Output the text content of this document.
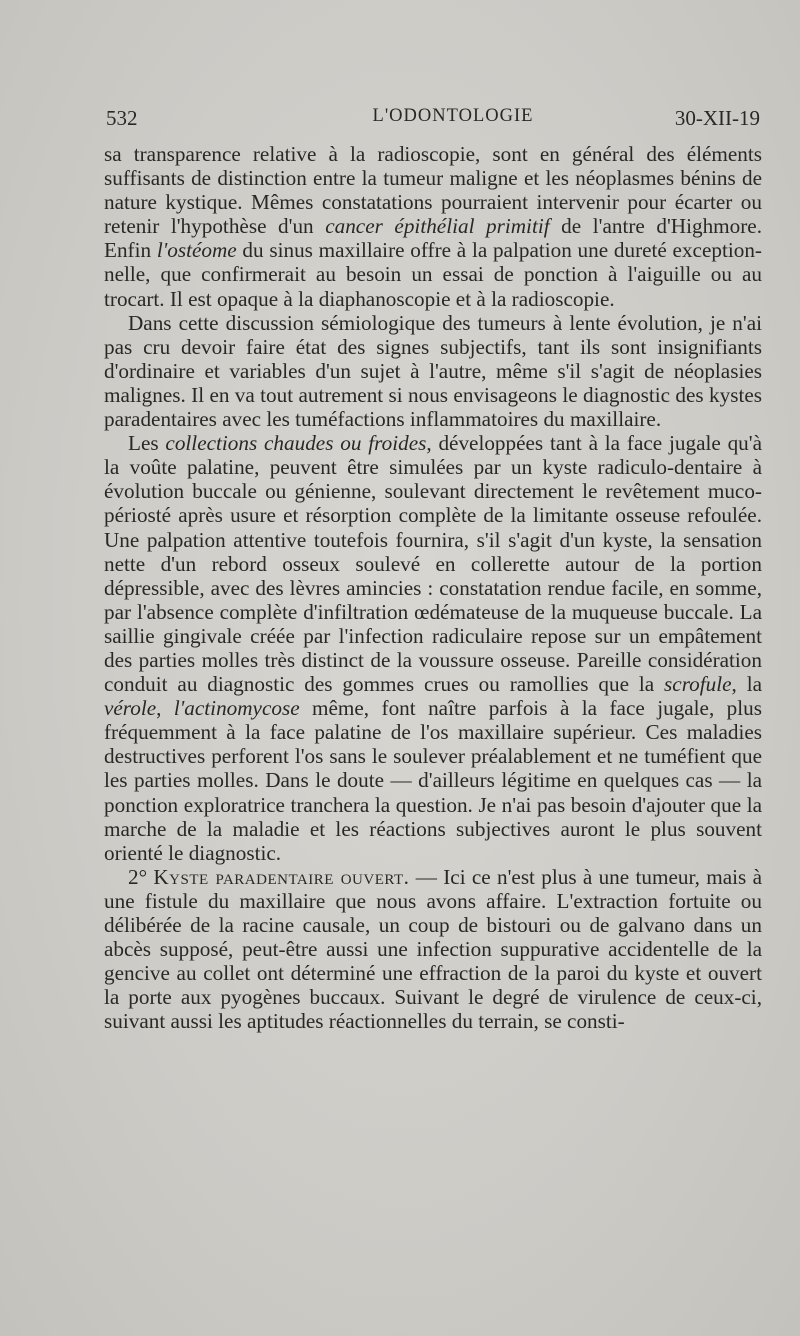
532	L'ODONTOLOGIE	30-XII-19

sa transparence relative à la radioscopie, sont en général des éléments suffisants de distinction entre la tumeur maligne et les néoplasmes bénins de nature kystique. Mêmes constatations pourraient intervenir pour écarter ou retenir l'hypothèse d'un cancer épithélial primitif de l'antre d'Highmore. Enfin l'ostéome du sinus maxillaire offre à la palpation une dureté exceptionnelle, que confirmerait au besoin un essai de ponction à l'aiguille ou au trocart. Il est opaque à la diaphanoscopie et à la radioscopie.

Dans cette discussion sémiologique des tumeurs à lente évolution, je n'ai pas cru devoir faire état des signes subjectifs, tant ils sont insignifiants d'ordinaire et variables d'un sujet à l'autre, même s'il s'agit de néoplasies malignes. Il en va tout autrement si nous envisageons le diagnostic des kystes paradentaires avec les tuméfactions inflammatoires du maxillaire.

Les collections chaudes ou froides, développées tant à la face jugale qu'à la voûte palatine, peuvent être simulées par un kyste radiculo-dentaire à évolution buccale ou génienne, soulevant directement le revêtement muco-périosté après usure et résorption complète de la limitante osseuse refoulée. Une palpation attentive toutefois fournira, s'il s'agit d'un kyste, la sensation nette d'un rebord osseux soulevé en collerette autour de la portion dépressible, avec des lèvres amincies : constatation rendue facile, en somme, par l'absence complète d'infiltration œdémateuse de la muqueuse buccale. La saillie gingivale créée par l'infection radiculaire repose sur un empâtement des parties molles très distinct de la voussure osseuse. Pareille considération conduit au diagnostic des gommes crues ou ramollies que la scrofule, la vérole, l'actinomycose même, font naître parfois à la face jugale, plus fréquemment à la face palatine de l'os maxillaire supérieur. Ces maladies destructives perforent l'os sans le soulever préalablement et ne tuméfient que les parties molles. Dans le doute — d'ailleurs légitime en quelques cas — la ponction exploratrice tranchera la question. Je n'ai pas besoin d'ajouter que la marche de la maladie et les réactions subjectives auront le plus souvent orienté le diagnostic.

2° Kyste paradentaire ouvert. — Ici ce n'est plus à une tumeur, mais à une fistule du maxillaire que nous avons affaire. L'extraction fortuite ou délibérée de la racine causale, un coup de bistouri ou de galvano dans un abcès supposé, peut-être aussi une infection suppurative accidentelle de la gencive au collet ont déterminé une effraction de la paroi du kyste et ouvert la porte aux pyogènes buccaux. Suivant le degré de virulence de ceux-ci, suivant aussi les aptitudes réactionnelles du terrain, se consti-
